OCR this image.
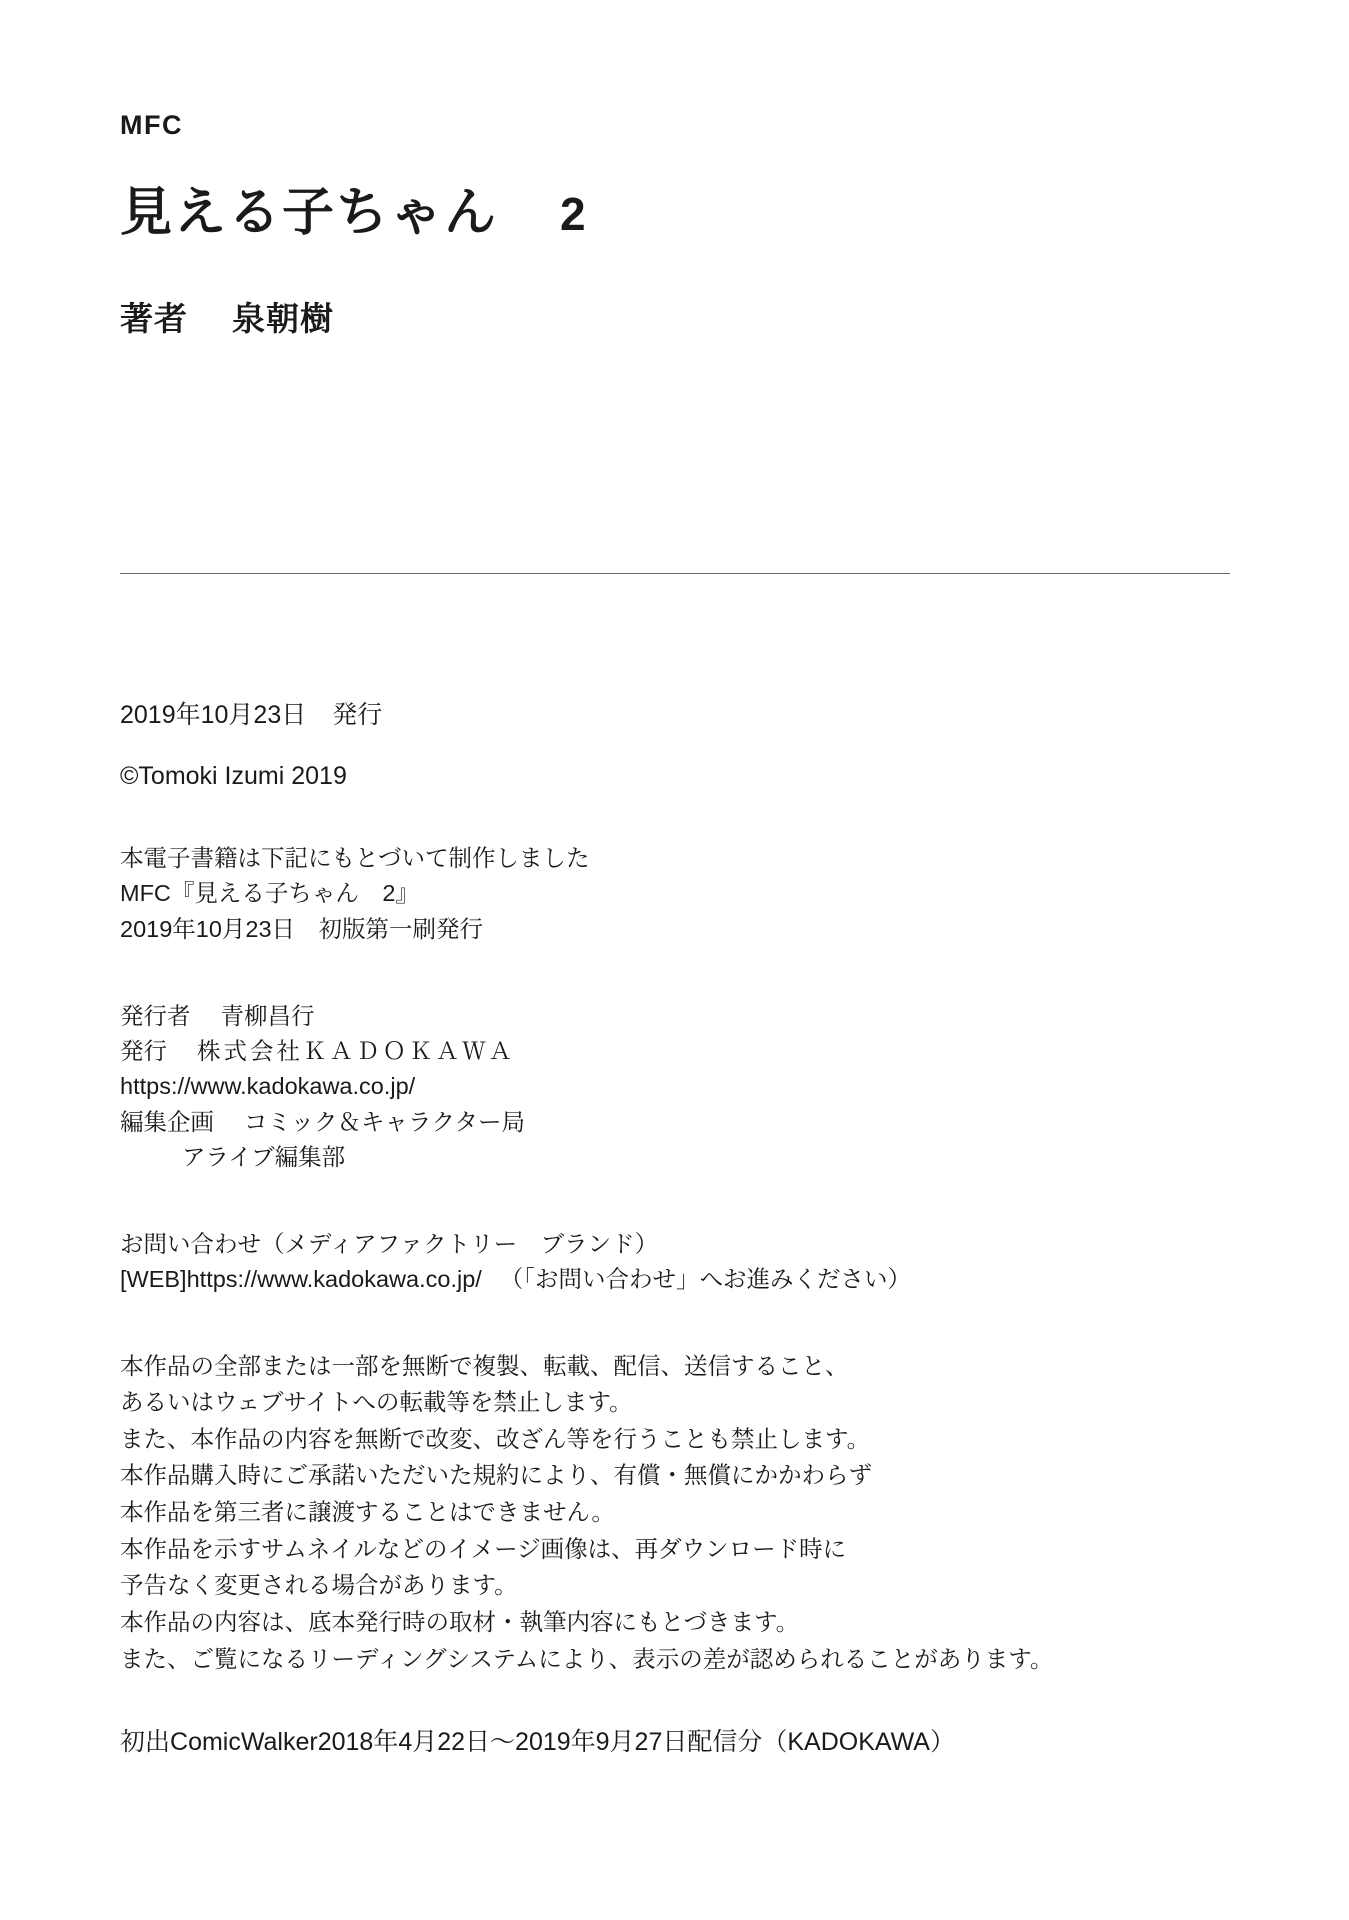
MFC
見える子ちゃん 2
著者 泉朝樹
2019年10月23日 発行
©Tomoki Izumi 2019
本電子書籍は下記にもとづいて制作しました
MFC『見える子ちゃん　2』
2019年10月23日　初版第一刷発行
発行者 青柳昌行
発行 株式会社ＫＡＤＯＫＡＷＡ
https://www.kadokawa.co.jp/
編集企画 コミック＆キャラクター局
アライブ編集部
お問い合わせ（メディアファクトリー　ブランド）
[WEB]https://www.kadokawa.co.jp/ （「お問い合わせ」へお進みください）
本作品の全部または一部を無断で複製、転載、配信、送信すること、
あるいはウェブサイトへの転載等を禁止します。
また、本作品の内容を無断で改変、改ざん等を行うことも禁止します。
本作品購入時にご承諾いただいた規約により、有償・無償にかかわらず
本作品を第三者に譲渡することはできません。
本作品を示すサムネイルなどのイメージ画像は、再ダウンロード時に
予告なく変更される場合があります。
本作品の内容は、底本発行時の取材・執筆内容にもとづきます。
また、ご覧になるリーディングシステムにより、表示の差が認められることがあります。
初出ComicWalker2018年4月22日〜2019年9月27日配信分（KADOKAWA）
